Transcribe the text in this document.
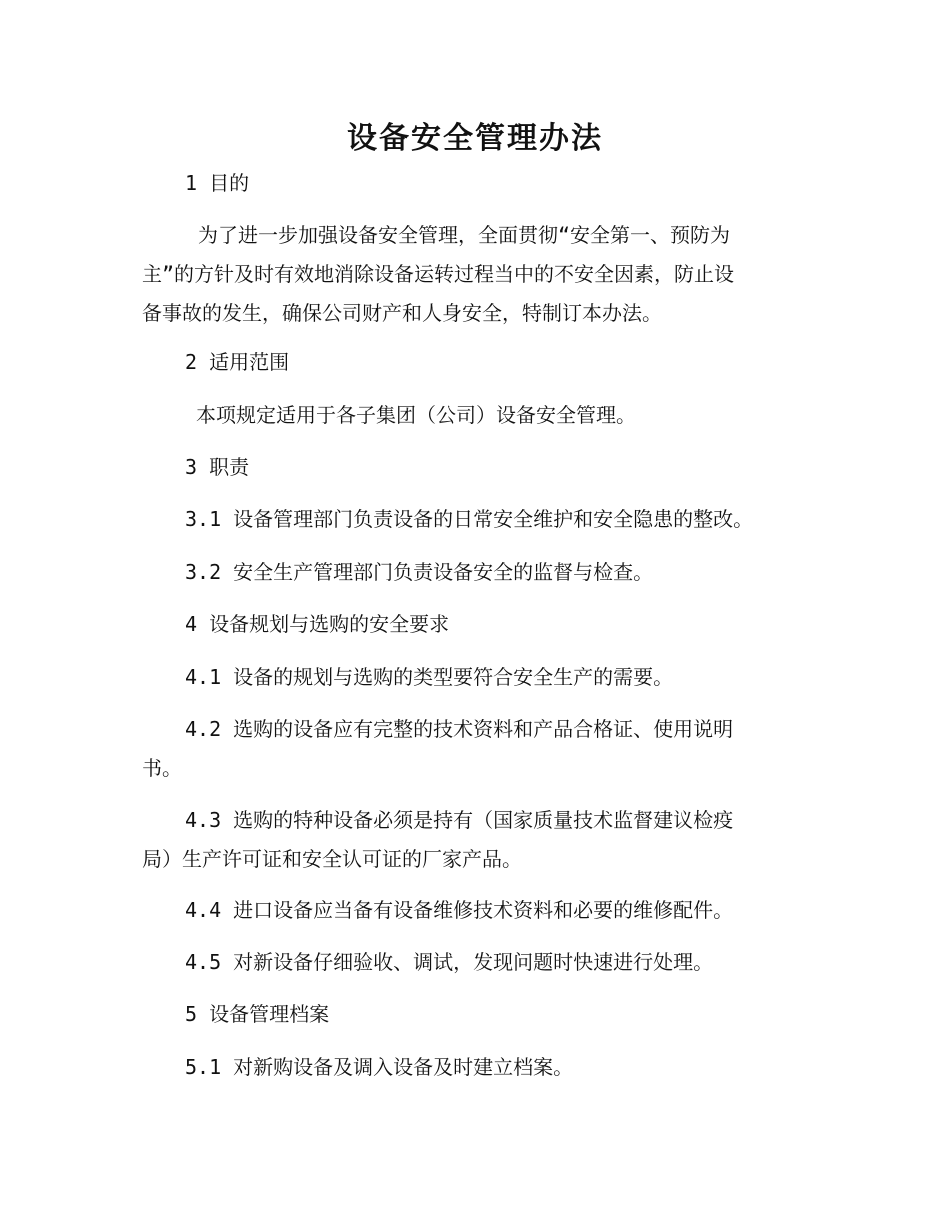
设备安全管理办法
1 目的
为了进一步加强设备安全管理，全面贯彻“安全第一、预防为
主”的方针及时有效地消除设备运转过程当中的不安全因素，防止设
备事故的发生，确保公司财产和人身安全，特制订本办法。
2 适用范围
本项规定适用于各子集团（公司）设备安全管理。
3 职责
3.1 设备管理部门负责设备的日常安全维护和安全隐患的整改。
3.2 安全生产管理部门负责设备安全的监督与检查。
4 设备规划与选购的安全要求
4.1 设备的规划与选购的类型要符合安全生产的需要。
4.2 选购的设备应有完整的技术资料和产品合格证、使用说明
书。
4.3 选购的特种设备必须是持有（国家质量技术监督建议检疫
局）生产许可证和安全认可证的厂家产品。
4.4 进口设备应当备有设备维修技术资料和必要的维修配件。
4.5 对新设备仔细验收、调试，发现问题时快速进行处理。
5 设备管理档案
5.1 对新购设备及调入设备及时建立档案。
